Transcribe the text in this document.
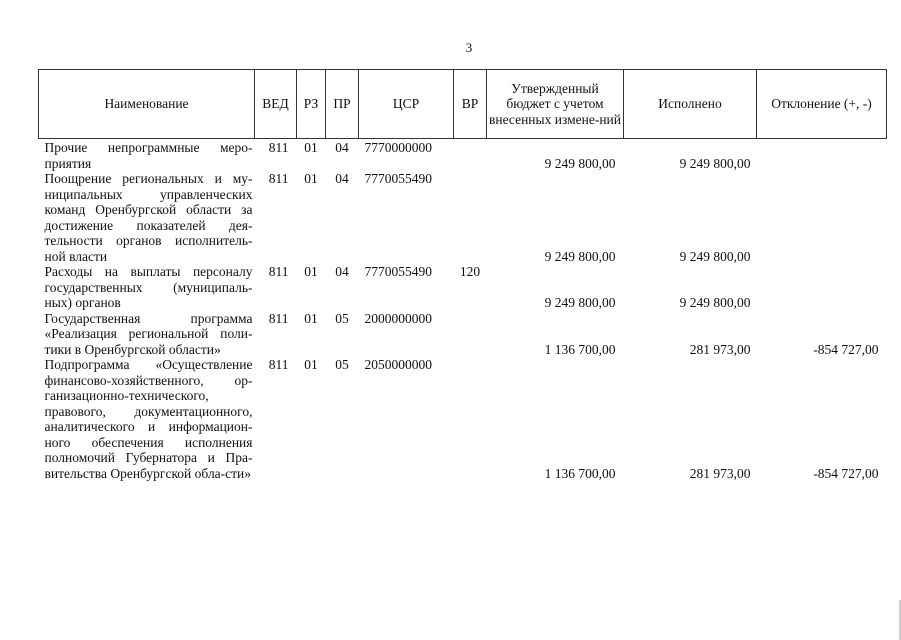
3
Наименование	ВЕД	РЗ	ПР	ЦСР	ВР	Утвержденный бюджет с учетом внесенных измене-ний	Исполнено	Отклонение (+, -)
Прочие непрограммные меро-приятия	811	01	04	7770000000		9 249 800,00	9 249 800,00	
Поощрение региональных и му-ниципальных управленческих команд Оренбургской области за достижение показателей дея-тельности органов исполнитель-ной власти	811	01	04	7770055490		9 249 800,00	9 249 800,00	
Расходы на выплаты персоналу государственных (муниципаль-ных) органов	811	01	04	7770055490	120	9 249 800,00	9 249 800,00	
Государственная программа «Реализация региональной поли-тики в Оренбургской области»	811	01	05	2000000000		1 136 700,00	281 973,00	-854 727,00
Подпрограмма «Осуществление финансово-хозяйственного, ор-ганизационно-технического, правового, документационного, аналитического и информацион-ного обеспечения исполнения полномочий Губернатора и Пра-вительства Оренбургской обла-сти»	811	01	05	2050000000		1 136 700,00	281 973,00	-854 727,00
